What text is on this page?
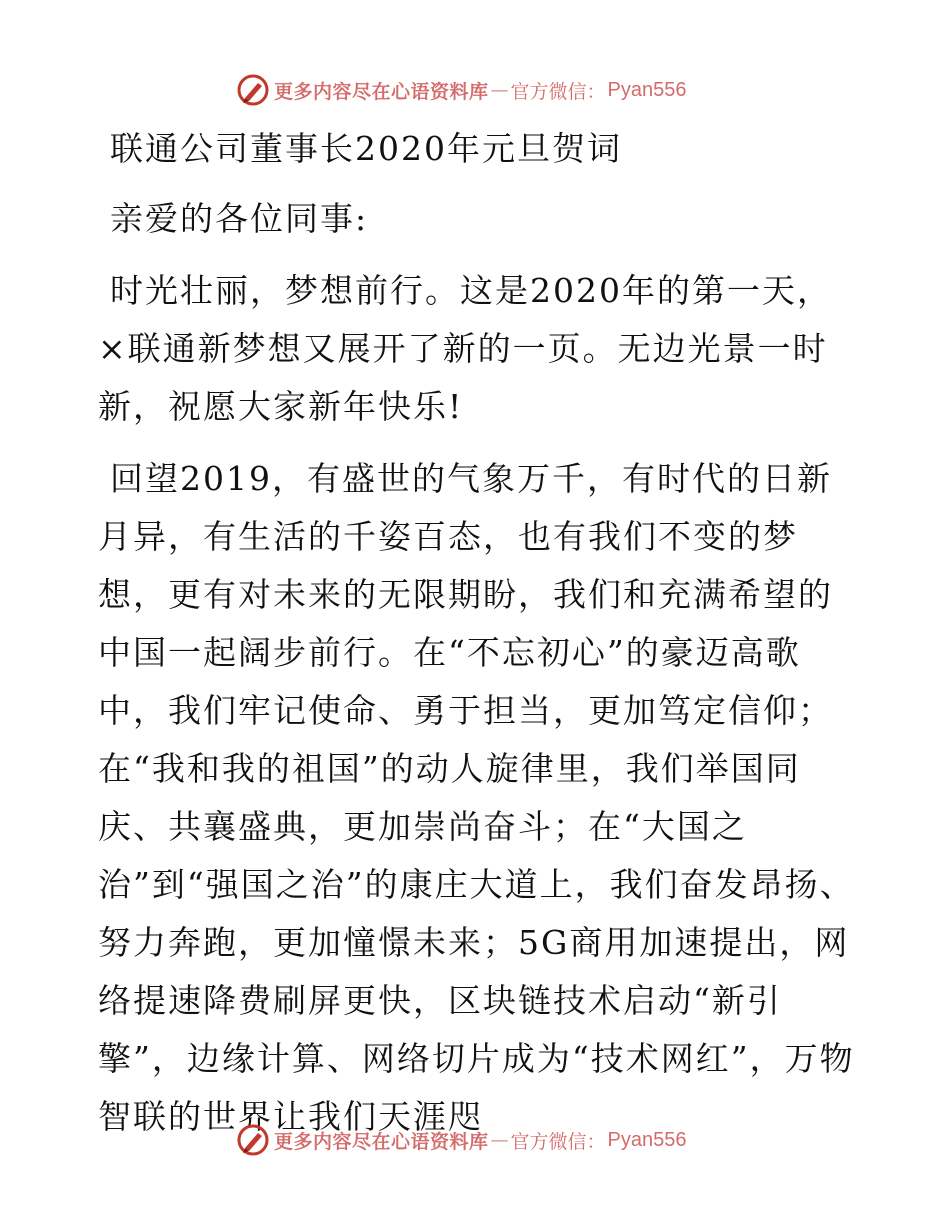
更多内容尽在心语资料库 — 官方微信： Pyan556

联通公司董事长2020年元旦贺词

亲爱的各位同事:

时光壮丽，梦想前行。这是2020年的第一天，×联通新梦想又展开了新的一页。无边光景一时新，祝愿大家新年快乐!

回望2019，有盛世的气象万千，有时代的日新月异，有生活的千姿百态，也有我们不变的梦想，更有对未来的无限期盼，我们和充满希望的中国一起阔步前行。在“不忘初心”的豪迈高歌中，我们牢记使命、勇于担当，更加笃定信仰；在“我和我的祖国”的动人旋律里，我们举国同庆、共襄盛典，更加崇尚奋斗；在“大国之治”到“强国之治”的康庄大道上，我们奋发昂扬、努力奔跑，更加憧憬未来；5G商用加速提出，网络提速降费刷屏更快，区块链技术启动“新引擎”，边缘计算、网络切片成为“技术网红”，万物智联的世界让我们天涯咫

更多内容尽在心语资料库 — 官方微信： Pyan556
